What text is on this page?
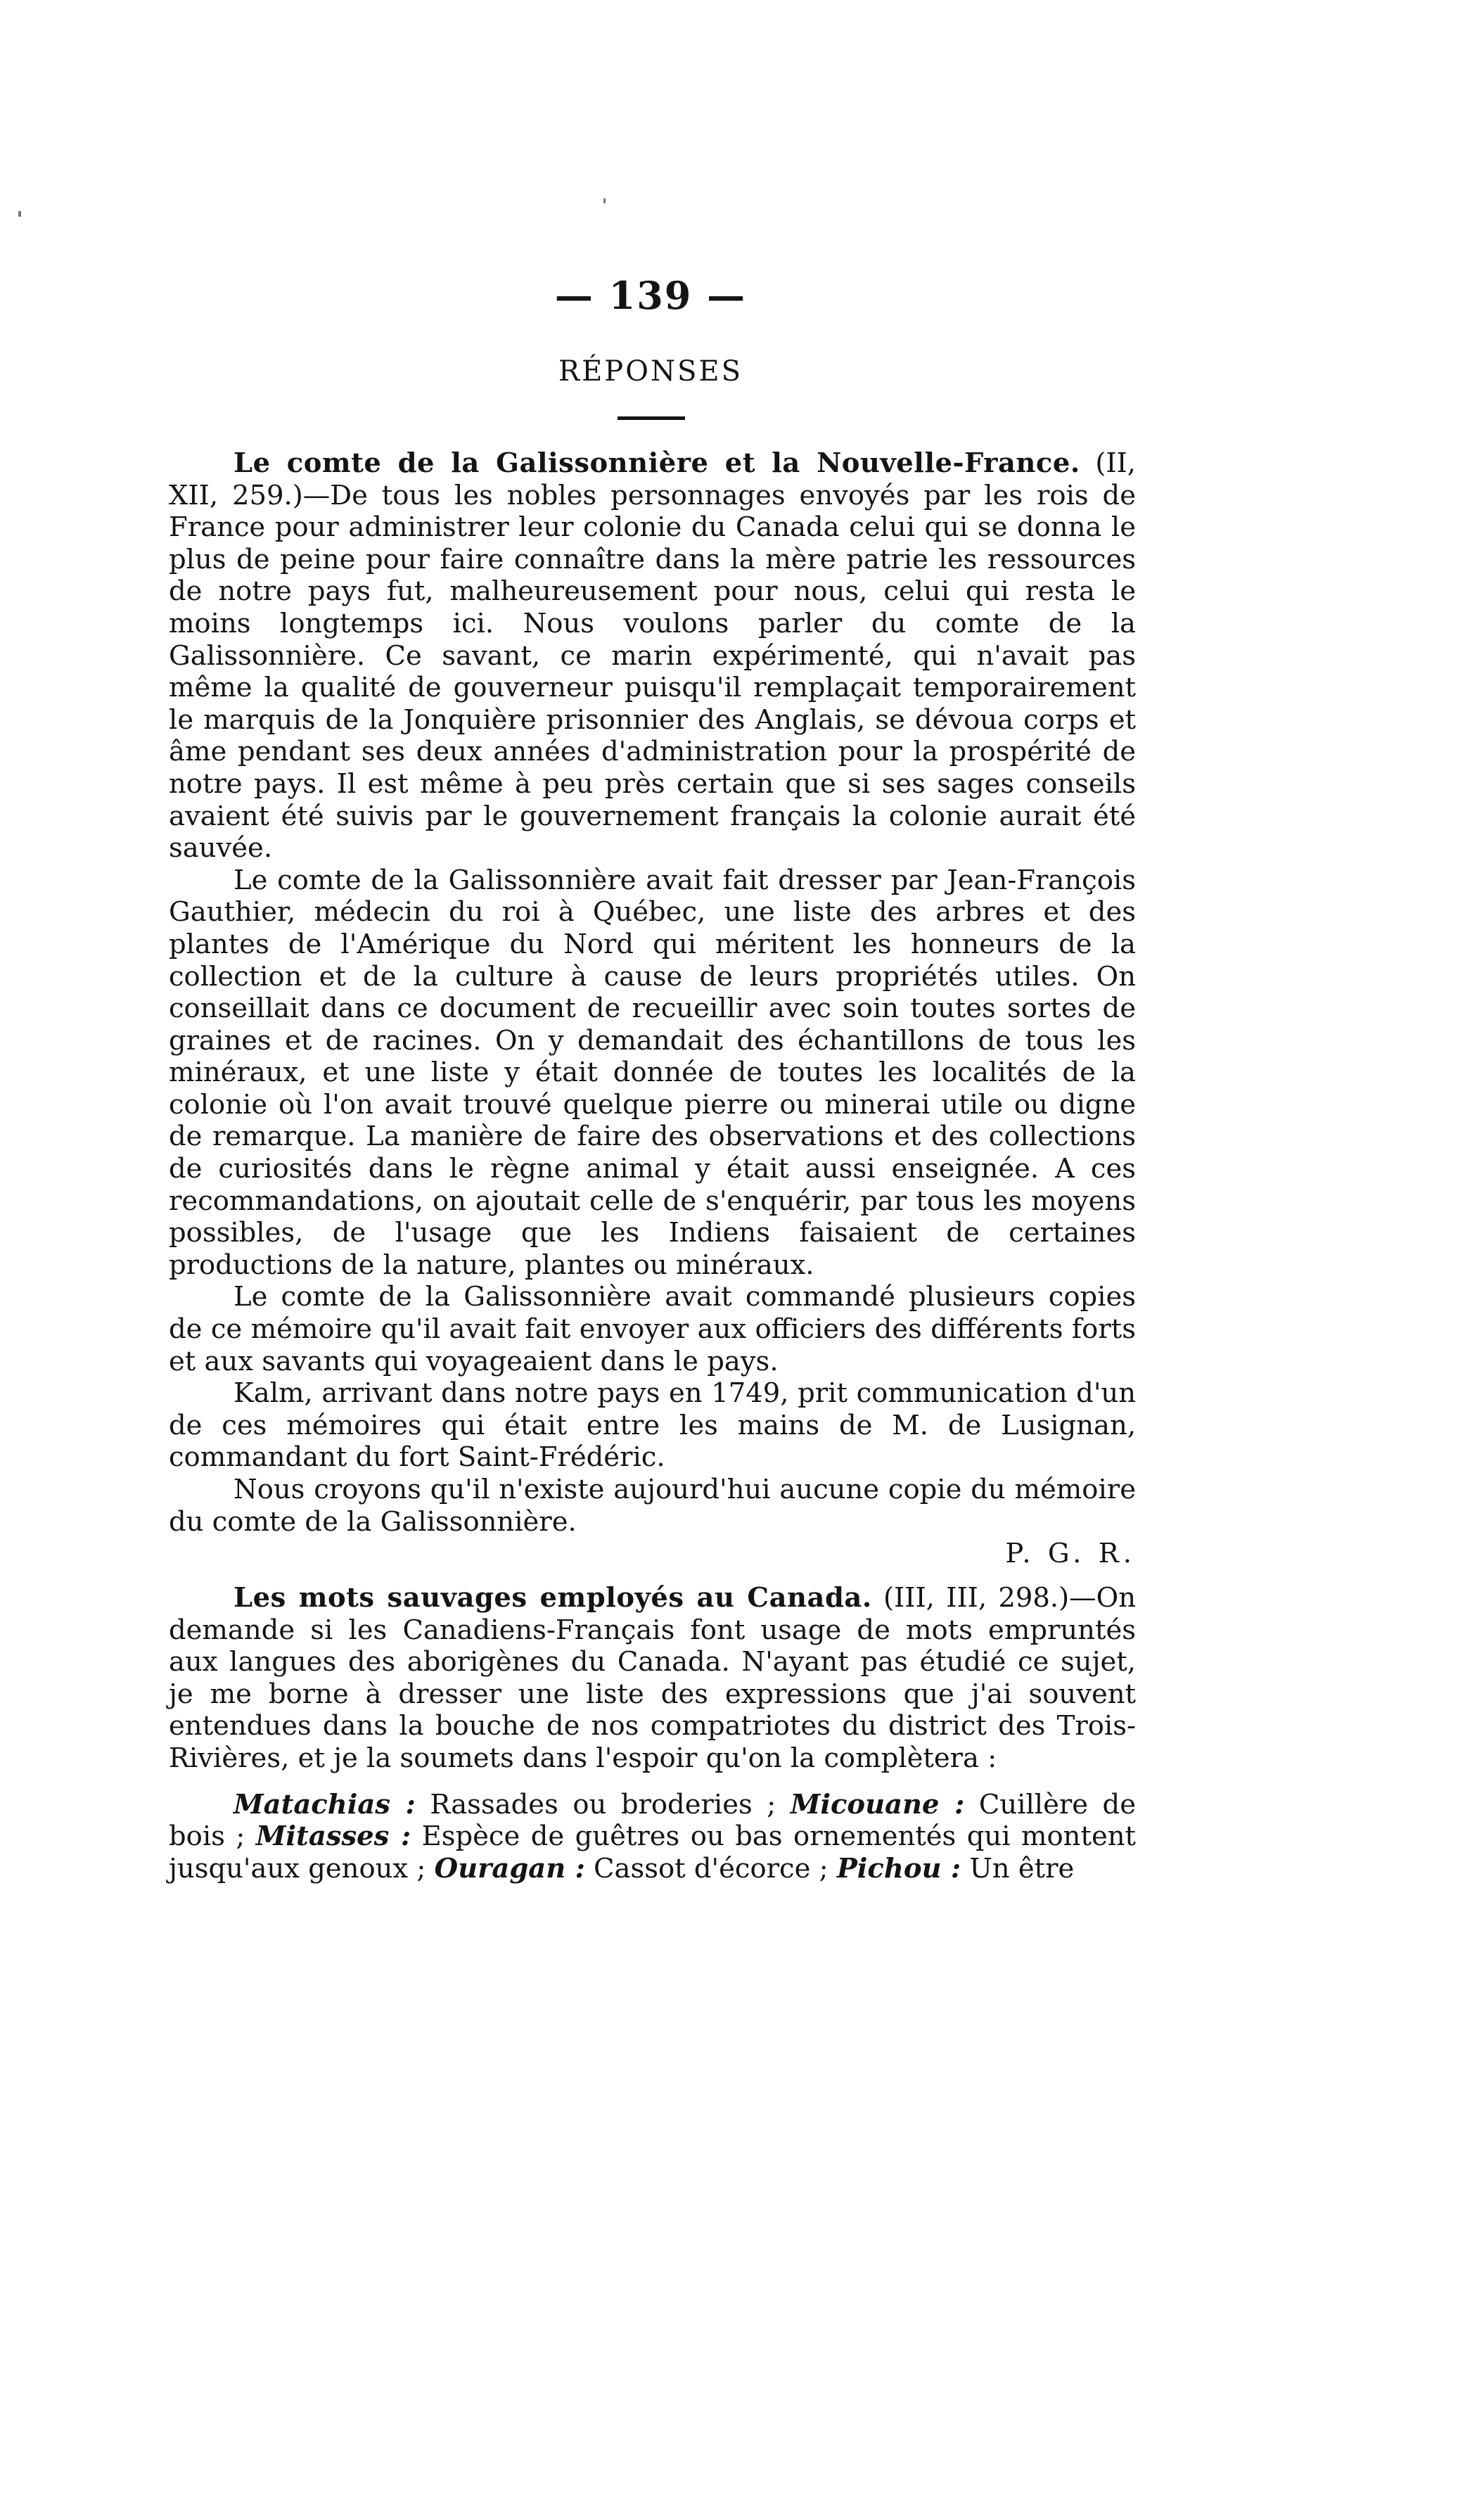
— 139 —
RÉPONSES

Le comte de la Galissonnière et la Nouvelle-France. (II, XII, 259.)—De tous les nobles personnages envoyés par les rois de France pour administrer leur colonie du Canada celui qui se donna le plus de peine pour faire connaître dans la mère patrie les ressources de notre pays fut, malheureusement pour nous, celui qui resta le moins longtemps ici. Nous voulons parler du comte de la Galissonnière. Ce savant, ce marin expérimenté, qui n'avait pas même la qualité de gouverneur puisqu'il remplaçait temporairement le marquis de la Jonquière prisonnier des Anglais, se dévoua corps et âme pendant ses deux années d'administration pour la prospérité de notre pays. Il est même à peu près certain que si ses sages conseils avaient été suivis par le gouvernement français la colonie aurait été sauvée.

Le comte de la Galissonnière avait fait dresser par Jean-François Gauthier, médecin du roi à Québec, une liste des arbres et des plantes de l'Amérique du Nord qui méritent les honneurs de la collection et de la culture à cause de leurs propriétés utiles. On conseillait dans ce document de recueillir avec soin toutes sortes de graines et de racines. On y demandait des échantillons de tous les minéraux, et une liste y était donnée de toutes les localités de la colonie où l'on avait trouvé quelque pierre ou minerai utile ou digne de remarque. La manière de faire des observations et des collections de curiosités dans le règne animal y était aussi enseignée. A ces recommandations, on ajoutait celle de s'enquérir, par tous les moyens possibles, de l'usage que les Indiens faisaient de certaines productions de la nature, plantes ou minéraux.

Le comte de la Galissonnière avait commandé plusieurs copies de ce mémoire qu'il avait fait envoyer aux officiers des différents forts et aux savants qui voyageaient dans le pays.

Kalm, arrivant dans notre pays en 1749, prit communication d'un de ces mémoires qui était entre les mains de M. de Lusignan, commandant du fort Saint-Frédéric.

Nous croyons qu'il n'existe aujourd'hui aucune copie du mémoire du comte de la Galissonnière.

P. G. R.

Les mots sauvages employés au Canada. (III, III, 298.)—On demande si les Canadiens-Français font usage de mots empruntés aux langues des aborigènes du Canada. N'ayant pas étudié ce sujet, je me borne à dresser une liste des expressions que j'ai souvent entendues dans la bouche de nos compatriotes du district des Trois-Rivières, et je la soumets dans l'espoir qu'on la complètera :

Matachias : Rassades ou broderies ; Micouane : Cuillère de bois ; Mitasses : Espèce de guêtres ou bas ornementés qui montent jusqu'aux genoux ; Ouragan : Cassot d'écorce ; Pichou : Un être
